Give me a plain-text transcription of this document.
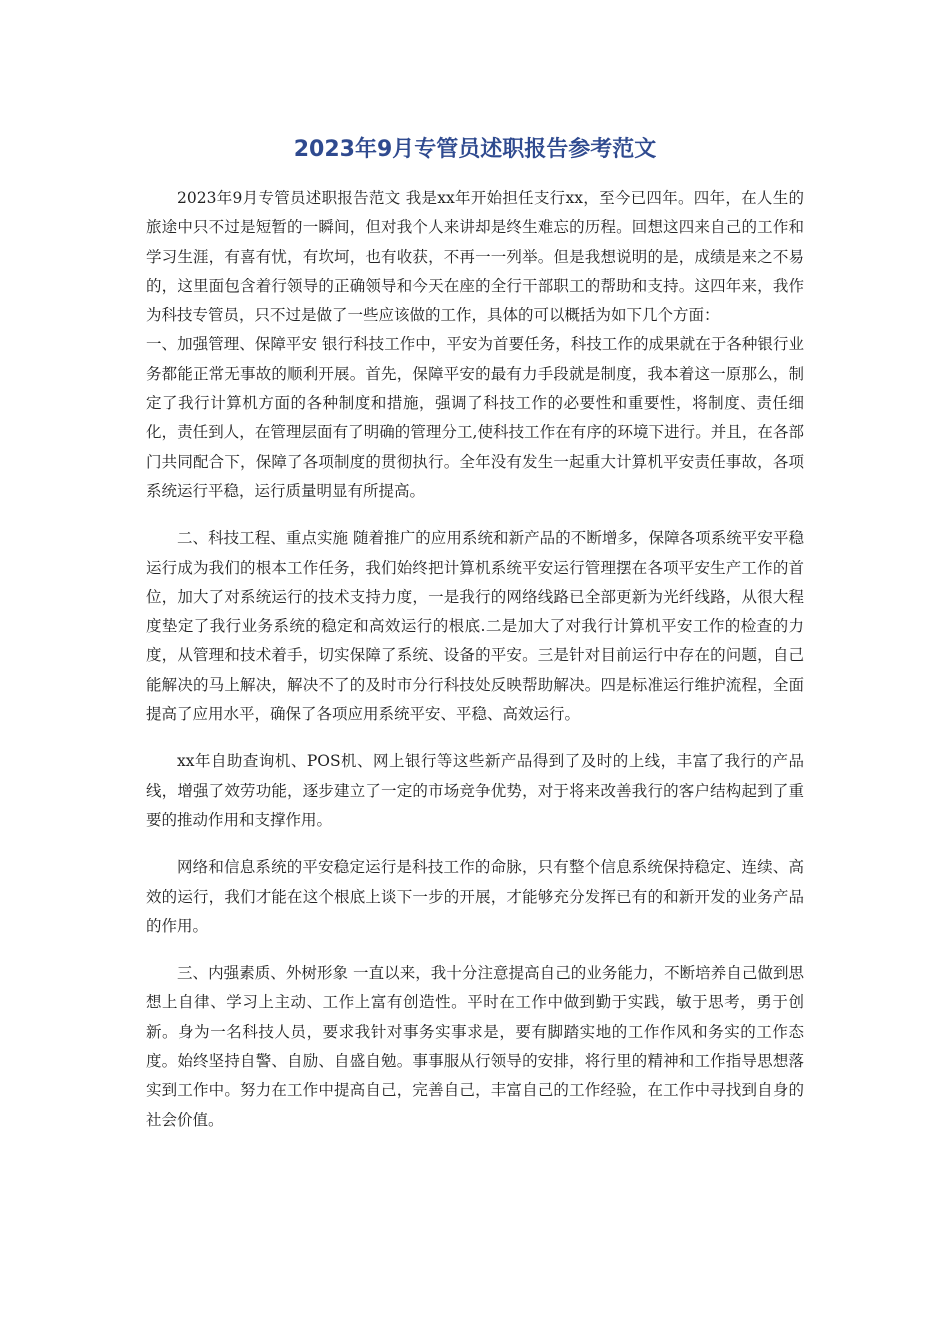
2023年9月专管员述职报告参考范文

2023年9月专管员述职报告范文 我是xx年开始担任支行xx，至今已四年。四年，在人生的旅途中只不过是短暂的一瞬间，但对我个人来讲却是终生难忘的历程。回想这四来自己的工作和学习生涯，有喜有忧，有坎坷，也有收获，不再一一列举。但是我想说明的是，成绩是来之不易的，这里面包含着行领导的正确领导和今天在座的全行干部职工的帮助和支持。这四年来，我作为科技专管员，只不过是做了一些应该做的工作，具体的可以概括为如下几个方面：

一、加强管理、保障平安 银行科技工作中，平安为首要任务，科技工作的成果就在于各种银行业务都能正常无事故的顺利开展。首先，保障平安的最有力手段就是制度，我本着这一原那么，制定了我行计算机方面的各种制度和措施，强调了科技工作的必要性和重要性，将制度、责任细化，责任到人，在管理层面有了明确的管理分工,使科技工作在有序的环境下进行。并且，在各部门共同配合下，保障了各项制度的贯彻执行。全年没有发生一起重大计算机平安责任事故，各项系统运行平稳，运行质量明显有所提高。

二、科技工程、重点实施 随着推广的应用系统和新产品的不断增多，保障各项系统平安平稳运行成为我们的根本工作任务，我们始终把计算机系统平安运行管理摆在各项平安生产工作的首位，加大了对系统运行的技术支持力度，一是我行的网络线路已全部更新为光纤线路，从很大程度垫定了我行业务系统的稳定和高效运行的根底.二是加大了对我行计算机平安工作的检查的力度，从管理和技术着手，切实保障了系统、设备的平安。三是针对目前运行中存在的问题，自己能解决的马上解决，解决不了的及时市分行科技处反映帮助解决。四是标准运行维护流程，全面提高了应用水平，确保了各项应用系统平安、平稳、高效运行。

xx年自助查询机、POS机、网上银行等这些新产品得到了及时的上线，丰富了我行的产品线，增强了效劳功能，逐步建立了一定的市场竞争优势，对于将来改善我行的客户结构起到了重要的推动作用和支撑作用。

网络和信息系统的平安稳定运行是科技工作的命脉，只有整个信息系统保持稳定、连续、高效的运行，我们才能在这个根底上谈下一步的开展，才能够充分发挥已有的和新开发的业务产品的作用。

三、内强素质、外树形象 一直以来，我十分注意提高自己的业务能力，不断培养自己做到思想上自律、学习上主动、工作上富有创造性。平时在工作中做到勤于实践，敏于思考，勇于创新。身为一名科技人员，要求我针对事务实事求是，要有脚踏实地的工作作风和务实的工作态度。始终坚持自警、自励、自盛自勉。事事服从行领导的安排，将行里的精神和工作指导思想落实到工作中。努力在工作中提高自己，完善自己，丰富自己的工作经验，在工作中寻找到自身的社会价值。
